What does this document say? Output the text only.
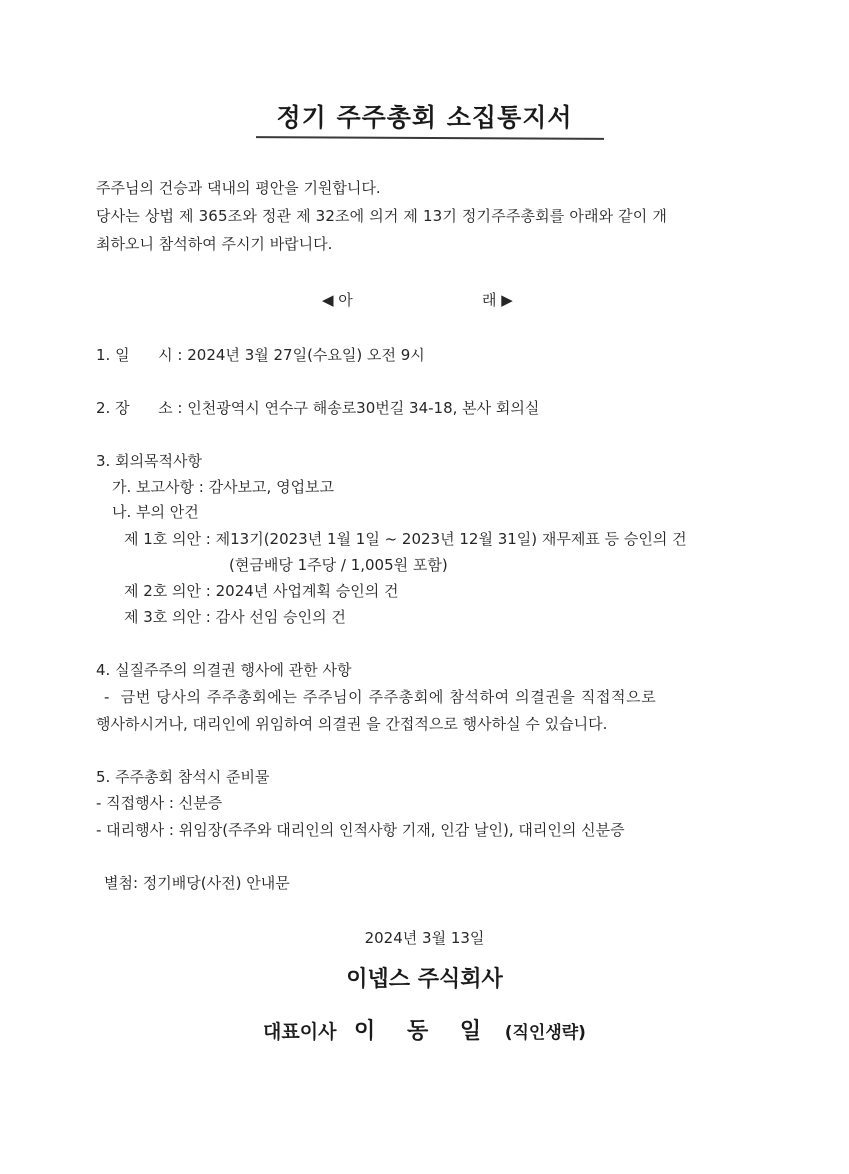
정기 주주총회 소집통지서
주주님의 건승과 댁내의 평안을 기원합니다.
당사는 상법 제 365조와 정관 제 32조에 의거 제 13기 정기주주총회를 아래와 같이 개
최하오니 참석하여 주시기 바랍니다.
◀ 아	래 ▶
1. 일      시 : 2024년 3월 27일(수요일) 오전 9시
2. 장      소 : 인천광역시 연수구 해송로30번길 34-18, 본사 회의실
3. 회의목적사항
가. 보고사항 : 감사보고, 영업보고
나. 부의 안건
제 1호 의안 : 제13기(2023년 1월 1일 ~ 2023년 12월 31일) 재무제표 등 승인의 건
(현금배당 1주당 / 1,005원 포함)
제 2호 의안 : 2024년 사업계획 승인의 건
제 3호 의안 : 감사 선임 승인의 건
4. 실질주주의 의결권 행사에 관한 사항
-  금번 당사의 주주총회에는 주주님이 주주총회에 참석하여 의결권을 직접적으로
행사하시거나, 대리인에 위임하여 의결권 을 간접적으로 행사하실 수 있습니다.
5. 주주총회 참석시 준비물
- 직접행사 : 신분증
- 대리행사 : 위임장(주주와 대리인의 인적사항 기재, 인감 날인), 대리인의 신분증
별첨: 정기배당(사전) 안내문
2024년 3월 13일
이넵스 주식회사
대표이사 이 동 일 (직인생략)
